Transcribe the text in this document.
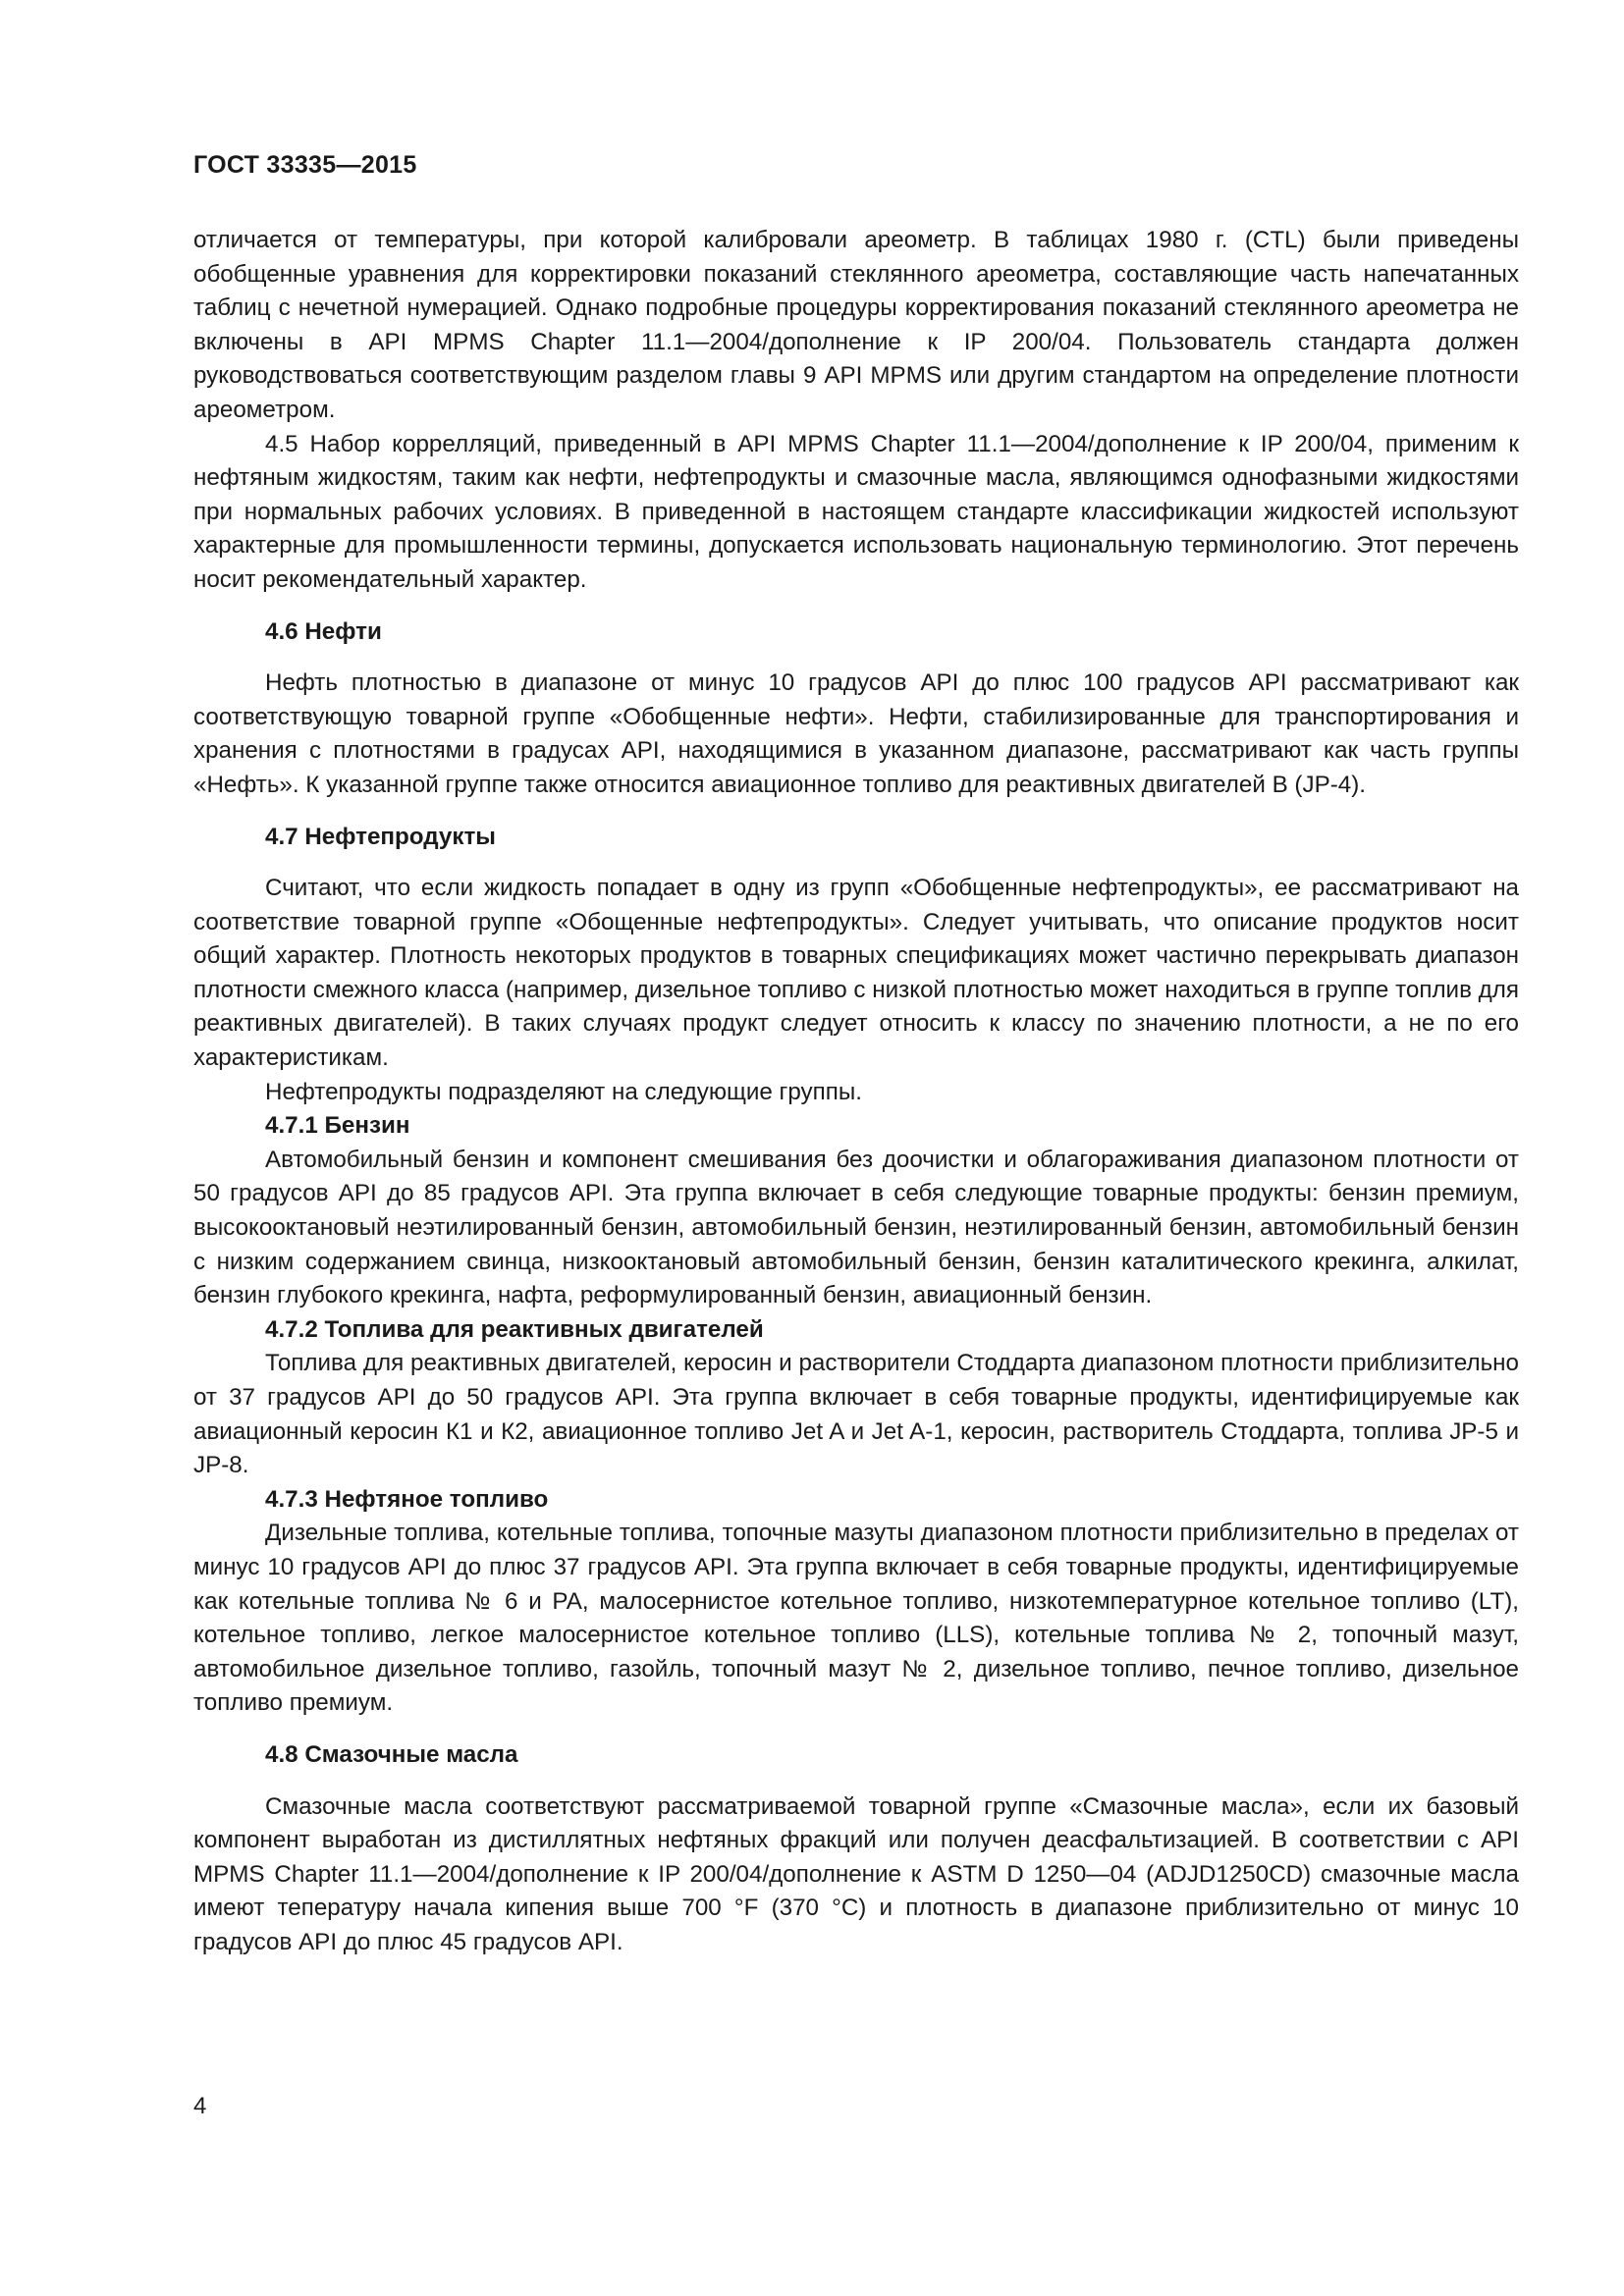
ГОСТ 33335—2015

отличается от температуры, при которой калибровали ареометр. В таблицах 1980 г. (CTL) были приведены обобщенные уравнения для корректировки показаний стеклянного ареометра, составляющие часть напечатанных таблиц с нечетной нумерацией. Однако подробные процедуры корректирования показаний стеклянного ареометра не включены в API MPMS Chapter 11.1—2004/дополнение к IP 200/04. Пользователь стандарта должен руководствоваться соответствующим разделом главы 9 API MPMS или другим стандартом на определение плотности ареометром.

4.5 Набор коррелляций, приведенный в API MPMS Chapter 11.1—2004/дополнение к IP 200/04, применим к нефтяным жидкостям, таким как нефти, нефтепродукты и смазочные масла, являющимся однофазными жидкостями при нормальных рабочих условиях. В приведенной в настоящем стандарте классификации жидкостей используют характерные для промышленности термины, допускается использовать национальную терминологию. Этот перечень носит рекомендательный характер.

4.6 Нефти

Нефть плотностью в диапазоне от минус 10 градусов API до плюс 100 градусов API рассматривают как соответствующую товарной группе «Обобщенные нефти». Нефти, стабилизированные для транспортирования и хранения с плотностями в градусах API, находящимися в указанном диапазоне, рассматривают как часть группы «Нефть». К указанной группе также относится авиационное топливо для реактивных двигателей B (JP-4).

4.7 Нефтепродукты

Считают, что если жидкость попадает в одну из групп «Обобщенные нефтепродукты», ее рассматривают на соответствие товарной группе «Обощенные нефтепродукты». Следует учитывать, что описание продуктов носит общий характер. Плотность некоторых продуктов в товарных спецификациях может частично перекрывать диапазон плотности смежного класса (например, дизельное топливо с низкой плотностью может находиться в группе топлив для реактивных двигателей). В таких случаях продукт следует относить к классу по значению плотности, а не по его характеристикам.

Нефтепродукты подразделяют на следующие группы.

4.7.1 Бензин

Автомобильный бензин и компонент смешивания без доочистки и облагораживания диапазоном плотности от 50 градусов API до 85 градусов API. Эта группа включает в себя следующие товарные продукты: бензин премиум, высокооктановый неэтилированный бензин, автомобильный бензин, неэтилированный бензин, автомобильный бензин с низким содержанием свинца, низкооктановый автомобильный бензин, бензин каталитического крекинга, алкилат, бензин глубокого крекинга, нафта, реформулированный бензин, авиационный бензин.

4.7.2 Топлива для реактивных двигателей

Топлива для реактивных двигателей, керосин и растворители Стоддарта диапазоном плотности приблизительно от 37 градусов API до 50 градусов API. Эта группа включает в себя товарные продукты, идентифицируемые как авиационный керосин К1 и К2, авиационное топливо Jet A и Jet A-1, керосин, растворитель Стоддарта, топлива JP-5 и JP-8.

4.7.3 Нефтяное топливо

Дизельные топлива, котельные топлива, топочные мазуты диапазоном плотности приблизительно в пределах от минус 10 градусов API до плюс 37 градусов API. Эта группа включает в себя товарные продукты, идентифицируемые как котельные топлива № 6 и PA, малосернистое котельное топливо, низкотемпературное котельное топливо (LT), котельное топливо, легкое малосернистое котельное топливо (LLS), котельные топлива № 2, топочный мазут, автомобильное дизельное топливо, газойль, топочный мазут № 2, дизельное топливо, печное топливо, дизельное топливо премиум.

4.8 Смазочные масла

Смазочные масла соответствуют рассматриваемой товарной группе «Смазочные масла», если их базовый компонент выработан из дистиллятных нефтяных фракций или получен деасфальтизацией. В соответствии с API MPMS Chapter 11.1—2004/дополнение к IP 200/04/дополнение к ASTM D 1250—04 (ADJD1250CD) смазочные масла имеют тепературу начала кипения выше 700 °F (370 °C) и плотность в диапазоне приблизительно от минус 10 градусов API до плюс 45 градусов API.

4
